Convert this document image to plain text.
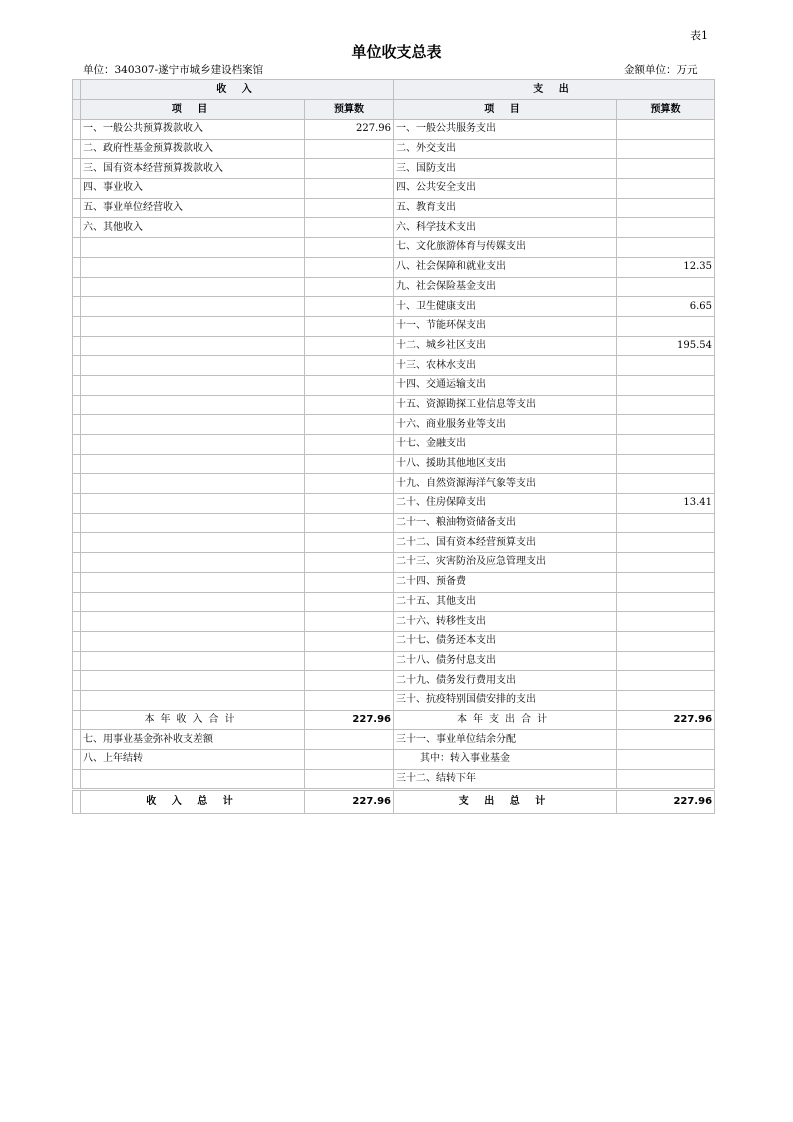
表1
单位收支总表
单位：340307-遂宁市城乡建设档案馆	金额单位：万元
	收 入		支 出	
	项 目	预算数	项 目	预算数
	一、一般公共预算拨款收入	227.96	一、一般公共服务支出	
	二、政府性基金预算拨款收入		二、外交支出	
	三、国有资本经营预算拨款收入		三、国防支出	
	四、事业收入		四、公共安全支出	
	五、事业单位经营收入		五、教育支出	
	六、其他收入		六、科学技术支出	
			七、文化旅游体育与传媒支出	
			八、社会保障和就业支出	12.35
			九、社会保险基金支出	
			十、卫生健康支出	6.65
			十一、节能环保支出	
			十二、城乡社区支出	195.54
			十三、农林水支出	
			十四、交通运输支出	
			十五、资源勘探工业信息等支出	
			十六、商业服务业等支出	
			十七、金融支出	
			十八、援助其他地区支出	
			十九、自然资源海洋气象等支出	
			二十、住房保障支出	13.41
			二十一、粮油物资储备支出	
			二十二、国有资本经营预算支出	
			二十三、灾害防治及应急管理支出	
			二十四、预备费	
			二十五、其他支出	
			二十六、转移性支出	
			二十七、债务还本支出	
			二十八、债务付息支出	
			二十九、债务发行费用支出	
			三十、抗疫特别国债安排的支出	
	本年收入合计	227.96	本年支出合计	227.96
	七、用事业基金弥补收支差额		三十一、事业单位结余分配	
	八、上年结转		其中：转入事业基金	
			三十二、结转下年	
	收 入 总 计	227.96	支 出 总 计	227.96
